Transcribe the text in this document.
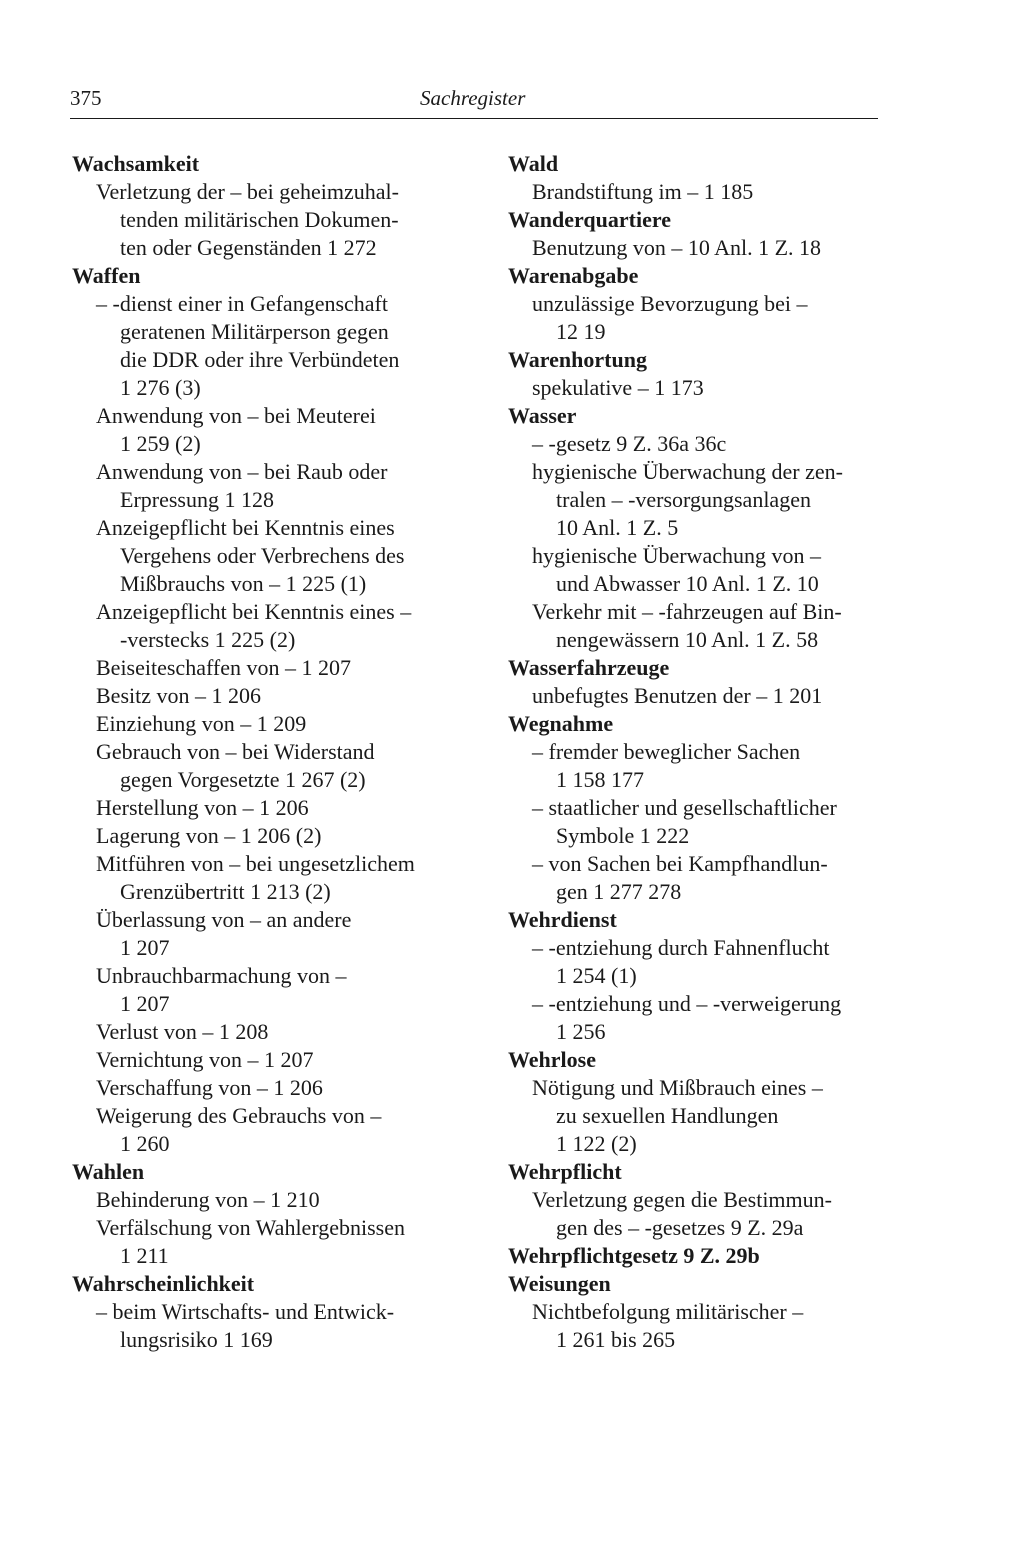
375	Sachregister
Wachsamkeit
Verletzung der – bei geheimzuhal-
tenden militärischen Dokumen-
ten oder Gegenständen 1 272
Waffen
– -dienst einer in Gefangenschaft
geratenen Militärperson gegen
die DDR oder ihre Verbündeten
1 276 (3)
Anwendung von – bei Meuterei
1 259 (2)
Anwendung von – bei Raub oder
Erpressung 1 128
Anzeigepflicht bei Kenntnis eines
Vergehens oder Verbrechens des
Mißbrauchs von – 1 225 (1)
Anzeigepflicht bei Kenntnis eines –
-verstecks 1 225 (2)
Beiseiteschaffen von – 1 207
Besitz von – 1 206
Einziehung von – 1 209
Gebrauch von – bei Widerstand
gegen Vorgesetzte 1 267 (2)
Herstellung von – 1 206
Lagerung von – 1 206 (2)
Mitführen von – bei ungesetzlichem
Grenzübertritt 1 213 (2)
Überlassung von – an andere
1 207
Unbrauchbarmachung von –
1 207
Verlust von – 1 208
Vernichtung von – 1 207
Verschaffung von – 1 206
Weigerung des Gebrauchs von –
1 260
Wahlen
Behinderung von – 1 210
Verfälschung von Wahlergebnissen
1 211
Wahrscheinlichkeit
– beim Wirtschafts- und Entwick-
lungsrisiko 1 169
Wald
Brandstiftung im – 1 185
Wanderquartiere
Benutzung von – 10 Anl. 1 Z. 18
Warenabgabe
unzulässige Bevorzugung bei –
12 19
Warenhortung
spekulative – 1 173
Wasser
– -gesetz 9 Z. 36a 36c
hygienische Überwachung der zen-
tralen – -versorgungsanlagen
10 Anl. 1 Z. 5
hygienische Überwachung von –
und Abwasser 10 Anl. 1 Z. 10
Verkehr mit – -fahrzeugen auf Bin-
nengewässern 10 Anl. 1 Z. 58
Wasserfahrzeuge
unbefugtes Benutzen der – 1 201
Wegnahme
– fremder beweglicher Sachen
1 158 177
– staatlicher und gesellschaftlicher
Symbole 1 222
– von Sachen bei Kampfhandlun-
gen 1 277 278
Wehrdienst
– -entziehung durch Fahnenflucht
1 254 (1)
– -entziehung und – -verweigerung
1 256
Wehrlose
Nötigung und Mißbrauch eines –
zu sexuellen Handlungen
1 122 (2)
Wehrpflicht
Verletzung gegen die Bestimmun-
gen des – -gesetzes 9 Z. 29a
Wehrpflichtgesetz 9 Z. 29b
Weisungen
Nichtbefolgung militärischer –
1 261 bis 265
